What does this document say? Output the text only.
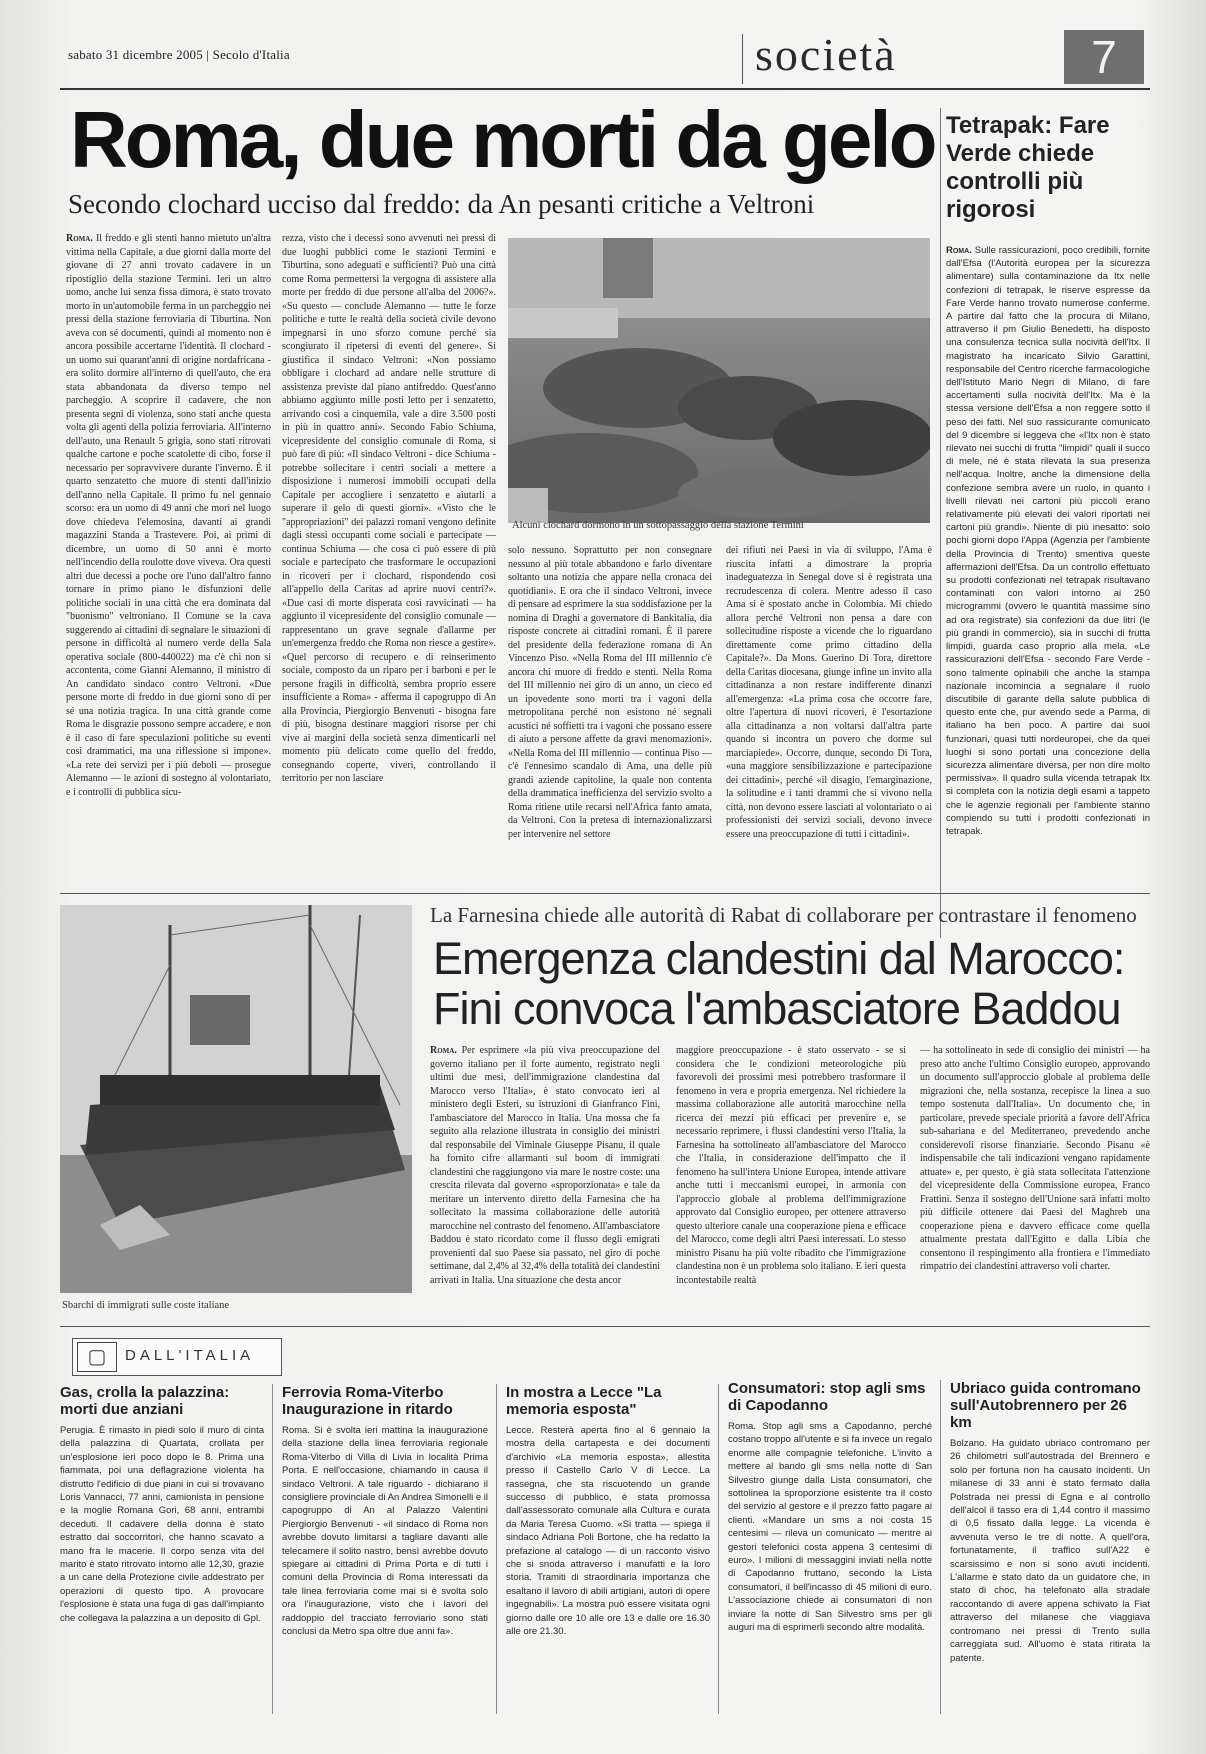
sabato 31 dicembre 2005 | Secolo d'Italia	società	7
Roma, due morti da gelo
Secondo clochard ucciso dal freddo: da An pesanti critiche a Veltroni

Roma. Il freddo e gli stenti hanno mietuto un'altra vittima nella Capitale, a due giorni dalla morte del giovane di 27 anni trovato cadavere in un ripostiglio della stazione Termini. Ieri un altro uomo, anche lui senza fissa dimora, è stato trovato morto in un'automobile ferma in un parcheggio nei pressi della stazione ferroviaria di Tiburtina. Non aveva con sé documenti, quindi al momento non è ancora possibile accertarne l'identità. Il clochard - un uomo sui quarant'anni di origine nordafricana - era solito dormire all'interno di quell'auto, che era stata abbandonata da diverso tempo nel parcheggio. A scoprire il cadavere, che non presenta segni di violenza, sono stati anche questa volta gli agenti della polizia ferroviaria. All'interno dell'auto, una Renault 5 grigia, sono stati ritrovati qualche cartone e poche scatolette di cibo, forse il necessario per sopravvivere durante l'inverno. È il quarto senzatetto che muore di stenti dall'inizio dell'anno nella Capitale. Il primo fu nel gennaio scorso: era un uomo di 49 anni che morì nel luogo dove chiedeva l'elemosina, davanti ai grandi magazzini Standa a Trastevere. Poi, ai primi di dicembre, un uomo di 50 anni è morto nell'incendio della roulotte dove viveva. Ora questi altri due decessi a poche ore l'uno dall'altro fanno tornare in primo piano le disfunzioni delle politiche sociali in una città che era dominata dal "buonismo" veltroniano. Il Comune se la cava suggerendo ai cittadini di segnalare le situazioni di persone in difficoltà al numero verde della Sala operativa sociale (800-440022) ma c'è chi non si accontenta, come Gianni Alemanno, il ministro di An candidato sindaco contro Veltroni. «Due persone morte di freddo in due giorni sono di per sé una notizia tragica. In una città grande come Roma le disgrazie possono sempre accadere, e non è il caso di fare speculazioni politiche su eventi così drammatici, ma una riflessione si impone». «La rete dei servizi per i più deboli — prosegue Alemanno — le azioni di sostegno al volontariato, e i controlli di pubblica sicu-

rezza, visto che i decessi sono avvenuti nei pressi di due luoghi pubblici come le stazioni Termini e Tiburtina, sono adeguati e sufficienti? Può una città come Roma permettersi la vergogna di assistere alla morte per freddo di due persone all'alba del 2006?». «Su questo — conclude Alemanno — tutte le forze politiche e tutte le realtà della società civile devono impegnarsi in uno sforzo comune perché sia scongiurato il ripetersi di eventi del genere». Si giustifica il sindaco Veltroni: «Non possiamo obbligare i clochard ad andare nelle strutture di assistenza previste dal piano antifreddo. Quest'anno abbiamo aggiunto mille posti letto per i senzatetto, arrivando così a cinquemila, vale a dire 3.500 posti in più in quattro anni». Secondo Fabio Schiuma, vicepresidente del consiglio comunale di Roma, si può fare di più: «Il sindaco Veltroni - dice Schiuma - potrebbe sollecitare i centri sociali a mettere a disposizione i numerosi immobili occupati della Capitale per accogliere i senzatetto e aiutarli a superare il gelo di questi giorni». «Visto che le "appropriazioni" dei palazzi romani vengono definite dagli stessi occupanti come sociali e partecipate — continua Schiuma — che cosa ci può essere di più sociale e partecipato che trasformare le occupazioni in ricoveri per i clochard, rispondendo così all'appello della Caritas ad aprire nuovi centri?». «Due casi di morte disperata così ravvicinati — ha aggiunto il vicepresidente del consiglio comunale — rappresentano un grave segnale d'allarme per un'emergenza freddo che Roma non riesce a gestire». «Quel percorso di recupero e di reinserimento sociale, composto da un riparo per i barboni e per le persone fragili in difficoltà, sembra proprio essere insufficiente a Roma» - afferma il capogruppo di An alla Provincia, Piergiorgio Benvenuti - bisogna fare di più, bisogna destinare maggiori risorse per chi vive ai margini della società senza dimenticarli nel momento più delicato come quello del freddo, consegnando coperte, viveri, controllando il territorio per non lasciare

Alcuni clochard dormono in un sottopassaggio della stazione Termini

solo nessuno. Soprattutto per non consegnare nessuno al più totale abbandono e farlo diventare soltanto una notizia che appare nella cronaca dei quotidiani». E ora che il sindaco Veltroni, invece di pensare ad esprimere la sua soddisfazione per la nomina di Draghi a governatore di Bankitalia, dia risposte concrete ai cittadini romani. È il parere del presidente della federazione romana di An Vincenzo Piso. «Nella Roma del III millennio c'è ancora chi muore di freddo e stenti. Nella Roma del III millennio nei giro di un anno, un cieco ed un ipovedente sono morti tra i vagoni della metropolitana perché non esistono né segnali acustici né soffietti tra i vagoni che possano essere di aiuto a persone affette da gravi menomazioni». «Nella Roma del III millennio — continua Piso — c'è l'ennesimo scandalo di Ama, una delle più grandi aziende capitoline, la quale non contenta della drammatica inefficienza del servizio svolto a Roma ritiene utile recarsi nell'Africa fanto amata, da Veltroni. Con la pretesa di internazionalizzarsi per intervenire nel settore

dei rifiuti nei Paesi in via di sviluppo, l'Ama è riuscita infatti a dimostrare la propria inadeguatezza in Senegal dove si è registrata una recrudescenza di colera. Mentre adesso il caso Ama si è spostato anche in Colombia. Mi chiedo allora perché Veltroni non pensa a dare con sollecitudine risposte a vicende che lo riguardano direttamente come primo cittadino della Capitale?». Da Mons. Guerino Di Tora, direttore della Caritas diocesana, giunge infine un invito alla cittadinanza a non restare indifferente dinanzi all'emergenza: «La prima cosa che occorre fare, oltre l'apertura di nuovi ricoveri, è l'esortazione alla cittadinanza a non voltarsi dall'altra parte quando si incontra un povero che dorme sul marciapiede». Occorre, dunque, secondo Di Tora, «una maggiore sensibilizzazione e partecipazione dei cittadini», perché «il disagio, l'emarginazione, la solitudine e i tanti drammi che si vivono nella città, non devono essere lasciati al volontariato o ai professionisti dei servizi sociali, devono invece essere una preoccupazione di tutti i cittadini».

Tetrapak: Fare Verde chiede controlli più rigorosi

Roma. Sulle rassicurazioni, poco credibili, fornite dall'Efsa (l'Autorità europea per la sicurezza alimentare) sulla contaminazione da Itx nelle confezioni di tetrapak, le riserve espresse da Fare Verde hanno trovato numerose conferme. A partire dal fatto che la procura di Milano, attraverso il pm Giulio Benedetti, ha disposto una consulenza tecnica sulla nocività dell'Itx. Il magistrato ha incaricato Silvio Garattini, responsabile del Centro ricerche farmacologiche dell'Istituto Mario Negri di Milano, di fare accertamenti sulla nocività dell'Itx. Ma è la stessa versione dell'Efsa a non reggere sotto il peso dei fatti. Nel suo rassicurante comunicato del 9 dicembre si leggeva che «l'Itx non è stato rilevato nei succhi di frutta "limpidi" quali il succo di mele, né è stata rilevata la sua presenza nell'acqua. Inoltre, anche la dimensione della confezione sembra avere un ruolo, in quanto i livelli rilevati nei cartoni più piccoli erano relativamente più elevati dei valori riportati nei cartoni più grandi». Niente di più inesatto: solo pochi giorni dopo l'Appa (Agenzia per l'ambiente della Provincia di Trento) smentiva queste affermazioni dell'Efsa. Da un controllo effettuato su prodotti confezionati nel tetrapak risultavano contaminati con valori intorno ai 250 microgrammi (ovvero le quantità massime sino ad ora registrate) sia confezioni da due litri (le più grandi in commercio), sia in succhi di frutta limpidi, guarda caso proprio alla mela. «Le rassicurazioni dell'Efsa - secondo Fare Verde - sono talmente opinabili che anche la stampa nazionale incomincia a segnalare il ruolo discutibile di garante della salute pubblica di questo ente che, pur avendo sede a Parma, di italiano ha ben poco. A partire dai suoi funzionari, quasi tutti nordeuropei, che da quei luoghi si sono portati una concezione della sicurezza alimentare diversa, per non dire molto permissiva». Il quadro sulla vicenda tetrapak Itx si completa con la notizia degli esami a tappeto che le agenzie regionali per l'ambiente stanno compiendo su tutti i prodotti confezionati in tetrapak.

Sbarchi di immigrati sulle coste italiane
La Farnesina chiede alle autorità di Rabat di collaborare per contrastare il fenomeno
Emergenza clandestini dal Marocco:
Fini convoca l'ambasciatore Baddou

Roma. Per esprimere «la più viva preoccupazione del governo italiano per il forte aumento, registrato negli ultimi due mesi, dell'immigrazione clandestina dal Marocco verso l'Italia», è stato convocato ieri al ministero degli Esteri, su istruzioni di Gianfranco Fini, l'ambasciatore del Marocco in Italia. Una mossa che fa seguito alla relazione illustrata in consiglio dei ministri dal responsabile del Viminale Giuseppe Pisanu, il quale ha fornito cifre allarmanti sul boom di immigrati clandestini che raggiungono via mare le nostre coste: una crescita rilevata dal governo «sproporzionata» e tale da meritare un intervento diretto della Farnesina che ha sollecitato la massima collaborazione delle autorità marocchine nel contrasto del fenomeno. All'ambasciatore Baddou è stato ricordato come il flusso degli emigrati provenienti dal suo Paese sia passato, nel giro di poche settimane, dal 2,4% al 32,4% della totalità dei clandestini arrivati in Italia. Una situazione che desta ancor

maggiore preoccupazione - è stato osservato - se si considera che le condizioni meteorologiche più favorevoli dei prossimi mesi potrebbero trasformare il fenomeno in vera e propria emergenza. Nel richiedere la massima collaborazione alle autorità marocchine nella ricerca dei mezzi più efficaci per prevenire e, se necessario reprimere, i flussi clandestini verso l'Italia, la Farnesina ha sottolineato all'ambasciatore del Marocco che l'Italia, in considerazione dell'impatto che il fenomeno ha sull'intera Unione Europea, intende attivare anche tutti i meccanismi europei, in armonia con l'approccio globale al problema dell'immigrazione approvato dal Consiglio europeo, per ottenere attraverso questo ulteriore canale una cooperazione piena e efficace del Marocco, come degli altri Paesi interessati. Lo stesso ministro Pisanu ha più volte ribadito che l'immigrazione clandestina non è un problema solo italiano. E ieri questa incontestabile realtà

— ha sottolineato in sede di consiglio dei ministri — ha preso atto anche l'ultimo Consiglio europeo, approvando un documento sull'approccio globale al problema delle migrazioni che, nella sostanza, recepisce la linea a suo tempo sostenuta dall'Italia». Un documento che, in particolare, prevede speciale priorità a favore dell'Africa sub-sahariana e del Mediterraneo, prevedendo anche considerevoli risorse finanziarie. Secondo Pisanu «è indispensabile che tali indicazioni vengano rapidamente attuate» e, per questo, è già stata sollecitata l'attenzione del vicepresidente della Commissione europea, Franco Frattini. Senza il sostegno dell'Unione sarà infatti molto più difficile ottenere dai Paesi del Maghreb una cooperazione piena e davvero efficace come quella attualmente prestata dall'Egitto e dalla Libia che consentono il respingimento alla frontiera e l'immediato rimpatrio dei clandestini attraverso voli charter.

▢	DALL'ITALIA
Gas, crolla la palazzina: morti due anziani
Perugia. È rimasto in piedi solo il muro di cinta della palazzina di Quartata, crollata per un'esplosione ieri poco dopo le 8. Prima una fiammata, poi una deflagrazione violenta ha distrutto l'edificio di due piani in cui si trovavano Loris Vannacci, 77 anni, camionista in pensione e la moglie Romana Gori, 68 anni, entrambi deceduti. Il cadavere della donna è stato estratto dai soccorritori, che hanno scavato a mano fra le macerie. Il corpo senza vita del marito è stato ritrovato intorno alle 12,30, grazie a un cane della Protezione civile addestrato per operazioni di questo tipo. A provocare l'esplosione è stata una fuga di gas dall'impianto che collegava la palazzina a un deposito di Gpl.
Ferrovia Roma-Viterbo Inaugurazione in ritardo
Roma. Si è svolta ieri mattina la inaugurazione della stazione della linea ferroviaria regionale Roma-Viterbo di Villa di Livia in località Prima Porta. E nell'occasione, chiamando in causa il sindaco Veltroni. A tale riguardo - dichiarano il consigliere provinciale di An Andrea Simonelli e il capogruppo di An al Palazzo Valentini Piergiorgio Benvenuti - «il sindaco di Roma non avrebbe dovuto limitarsi a tagliare davanti alle telecamere il solito nastro, bensì avrebbe dovuto spiegare ai cittadini di Prima Porta e di tutti i comuni della Provincia di Roma interessati da tale linea ferroviaria come mai si è svolta solo ora l'inaugurazione, visto che i lavori del raddoppio del tracciato ferroviario sono stati conclusi da Metro spa oltre due anni fa».
In mostra a Lecce "La memoria esposta"
Lecce. Resterà aperta fino al 6 gennaio la mostra della cartapesta e dei documenti d'archivio «La memoria esposta», allestita presso il Castello Carlo V di Lecce. La rassegna, che sta riscuotendo un grande successo di pubblico, è stata promossa dall'assessorato comunale alla Cultura e curata da Maria Teresa Cuomo. «Si tratta — spiega il sindaco Adriana Poli Bortone, che ha redatto la prefazione al catalogo — di un racconto visivo che si snoda attraverso i manufatti e la loro storia. Tramiti di straordinaria importanza che esaltano il lavoro di abili artigiani, autori di opere ingegnabili». La mostra può essere visitata ogni giorno dalle ore 10 alle ore 13 e dalle ore 16.30 alle ore 21.30.
Consumatori: stop agli sms di Capodanno
Roma. Stop agli sms a Capodanno, perché costano troppo all'utente e si fa invece un regalo enorme alle compagnie telefoniche. L'invito a mettere al bando gli sms nella notte di San Silvestro giunge dalla Lista consumatori, che sottolinea la sproporzione esistente tra il costo del servizio al gestore e il prezzo fatto pagare ai clienti. «Mandare un sms a noi costa 15 centesimi — rileva un comunicato — mentre ai gestori telefonici costa appena 3 centesimi di euro». I milioni di messaggini inviati nella notte di Capodanno fruttano, secondo la Lista consumatori, il bell'incasso di 45 milioni di euro. L'associazione chiede ai consumatori di non inviare la notte di San Silvestro sms per gli auguri ma di esprimerli secondo altre modalità.
Ubriaco guida contromano sull'Autobrennero per 26 km
Bolzano. Ha guidato ubriaco contromano per 26 chilometri sull'autostrada del Brennero e solo per fortuna non ha causato incidenti. Un milanese di 33 anni è stato fermato dalla Polstrada nei pressi di Egna e al controllo dell'alcol il tasso era di 1,44 contro il massimo di 0,5 fissato dalla legge. La vicenda è avvenuta verso le tre di notte. A quell'ora, fortunatamente, il traffico sull'A22 è scarsissimo e non si sono avuti incidenti. L'allarme è stato dato da un guidatore che, in stato di choc, ha telefonato alla stradale raccontando di avere appena schivato la Fiat attraverso del milanese che viaggiava contromano nei pressi di Trento sulla carreggiata sud. All'uomo è stata ritirata la patente.
